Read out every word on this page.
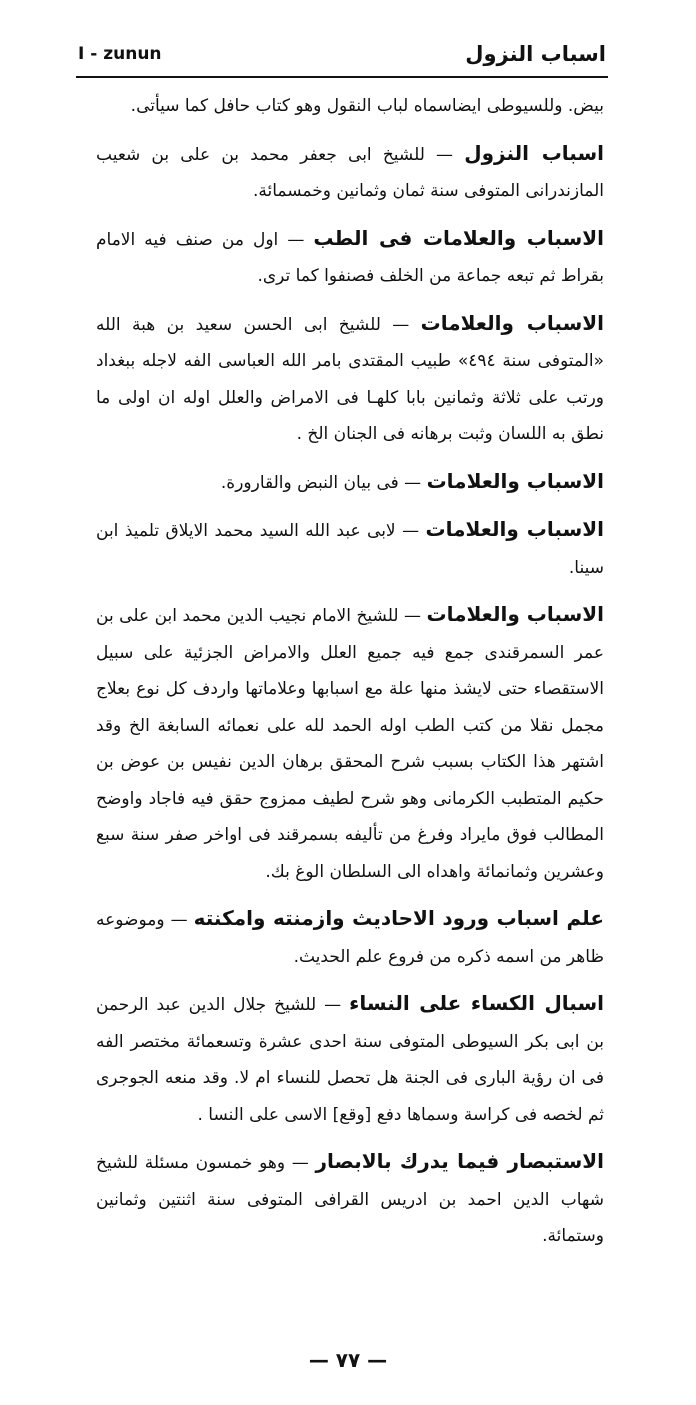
I - zunun	اسباب النزول

بيض. وللسيوطى ايضاسماه لباب النقول وهو كتاب حافل كما سيأتى.

اسباب النزول — للشيخ ابى جعفر محمد بن على بن شعيب المازندرانى المتوفى سنة ثمان وثمانين وخمسمائة.

الاسباب والعلامات فى الطب — اول من صنف فيه الامام بقراط ثم تبعه جماعة من الخلف فصنفوا كما ترى.

الاسباب والعلامات — للشيخ ابى الحسن سعيد بن هبة الله «المتوفى سنة ٤٩٤» طبيب المقتدى بامر الله العباسى الفه لاجله ببغداد ورتب على ثلاثة وثمانين بابا كلهـا فى الامراض والعلل اوله ان اولى ما نطق به اللسان وثبت برهانه فى الجنان الخ .

الاسباب والعلامات — فى بيان النبض والقارورة.

الاسباب والعلامات — لابى عبد الله السيد محمد الايلاق تلميذ ابن سينا.

الاسباب والعلامات — للشيخ الامام نجيب الدين محمد ابن على بن عمر السمرقندى جمع فيه جميع العلل والامراض الجزئية على سبيل الاستقصاء حتى لايشذ منها علة مع اسبابها وعلاماتها واردف كل نوع بعلاج مجمل نقلا من كتب الطب اوله الحمد لله على نعمائه السابغة الخ وقد اشتهر هذا الكتاب بسبب شرح المحقق برهان الدين نفيس بن عوض بن حكيم المتطبب الكرمانى وهو شرح لطيف ممزوج حقق فيه فاجاد واوضح المطالب فوق مايراد وفرغ من تأليفه بسمرقند فى اواخر صفر سنة سبع وعشرين وثمانمائة واهداه الى السلطان الوغ بك.

علم اسباب ورود الاحاديث وازمنته وامكنته — وموضوعه ظاهر من اسمه ذكره من فروع علم الحديث.

اسبال الكساء على النساء — للشيخ جلال الدين عبد الرحمن بن ابى بكر السيوطى المتوفى سنة احدى عشرة وتسعمائة مختصر الفه فى ان رؤية البارى فى الجنة هل تحصل للنساء ام لا. وقد منعه الجوجرى ثم لخصه فى كراسة وسماها دفع [وقع] الاسى على النسا .

الاستبصار فيما يدرك بالابصار — وهو خمسون مسئلة للشيخ شهاب الدين احمد بن ادريس القرافى المتوفى سنة اثنتين وثمانين وستمائة.

— ٧٧ —
